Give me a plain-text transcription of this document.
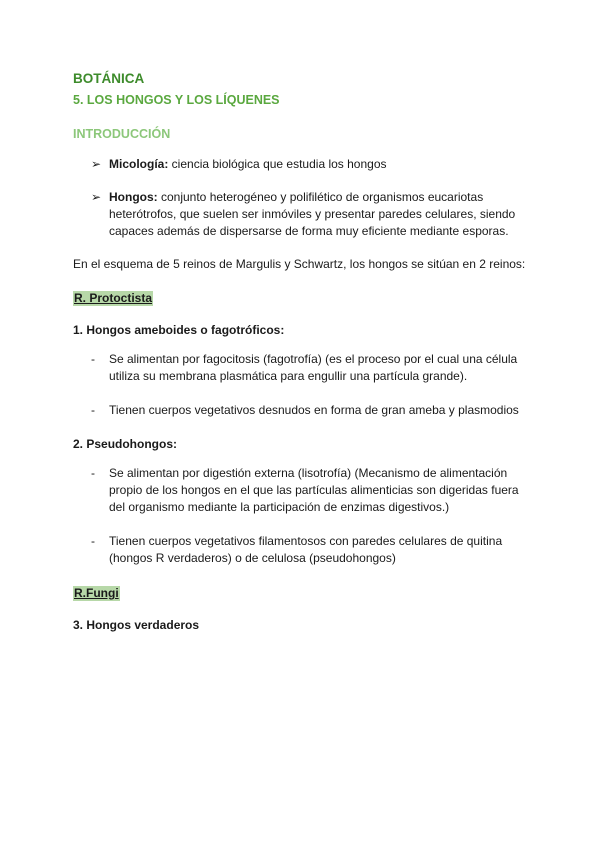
BOTÁNICA
5. LOS HONGOS Y LOS LÍQUENES
INTRODUCCIÓN
➢ Micología: ciencia biológica que estudia los hongos
➢ Hongos: conjunto heterogéneo y polifilético de organismos eucariotas heterótrofos, que suelen ser inmóviles y presentar paredes celulares, siendo capaces además de dispersarse de forma muy eficiente mediante esporas.

En el esquema de 5 reinos de Margulis y Schwartz, los hongos se sitúan en 2 reinos:

R. Protoctista
1. Hongos ameboides o fagotróficos:
- Se alimentan por fagocitosis (fagotrofía) (es el proceso por el cual una célula utiliza su membrana plasmática para engullir una partícula grande).
- Tienen cuerpos vegetativos desnudos en forma de gran ameba y plasmodios
2. Pseudohongos:
- Se alimentan por digestión externa (lisotrofía) (Mecanismo de alimentación propio de los hongos en el que las partículas alimenticias son digeridas fuera del organismo mediante la participación de enzimas digestivos.)
- Tienen cuerpos vegetativos filamentosos con paredes celulares de quitina (hongos R verdaderos) o de celulosa (pseudohongos)
R.Fungi
3. Hongos verdaderos
